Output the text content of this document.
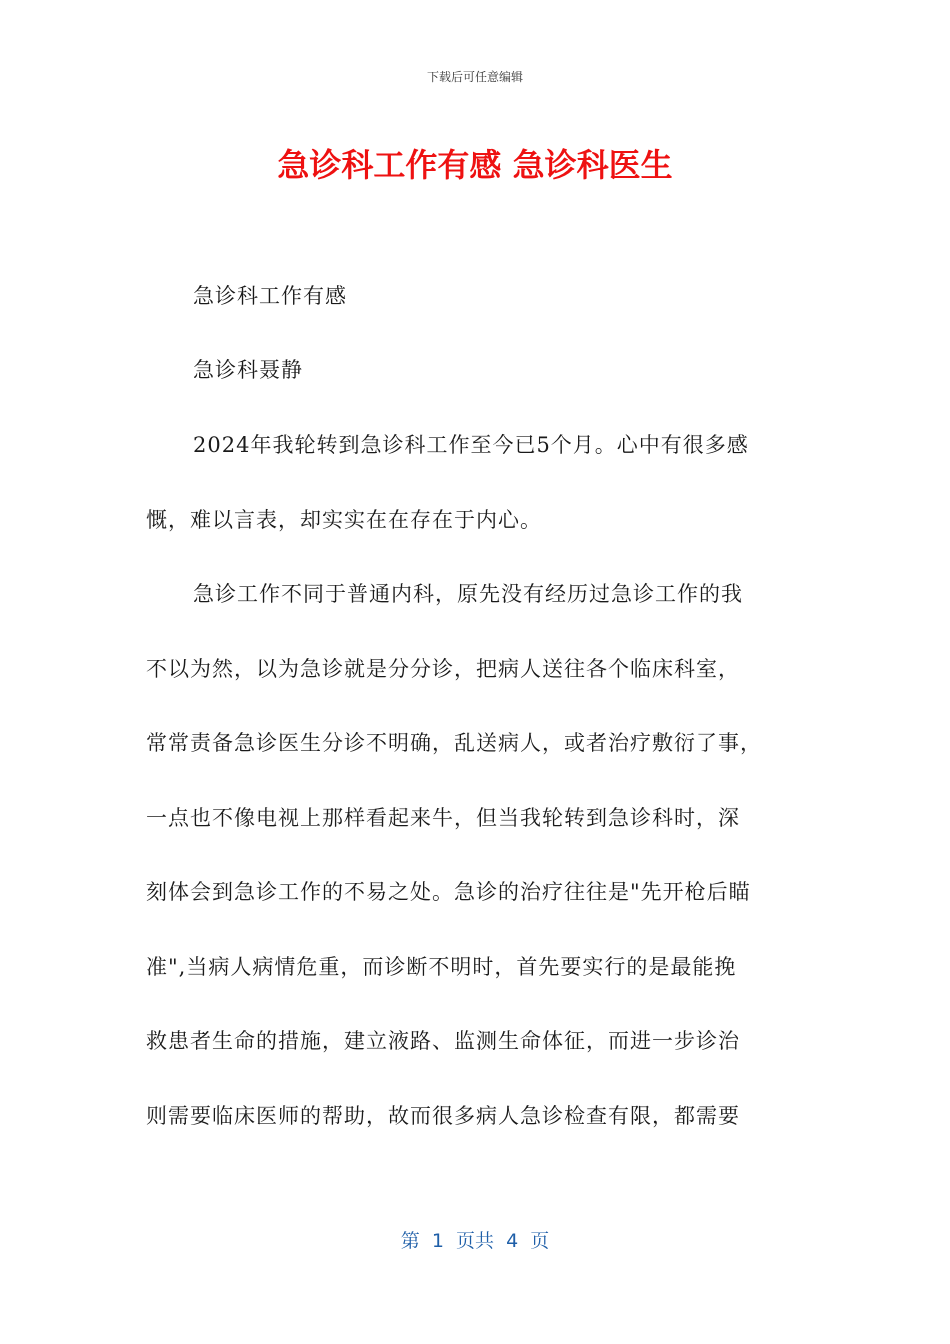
下载后可任意编辑
急诊科工作有感 急诊科医生
急诊科工作有感
急诊科聂静
2024年我轮转到急诊科工作至今已5个月。心中有很多感
慨，难以言表，却实实在在存在于内心。
急诊工作不同于普通内科，原先没有经历过急诊工作的我
不以为然，以为急诊就是分分诊，把病人送往各个临床科室，
常常责备急诊医生分诊不明确，乱送病人，或者治疗敷衍了事，
一点也不像电视上那样看起来牛，但当我轮转到急诊科时，深
刻体会到急诊工作的不易之处。急诊的治疗往往是"先开枪后瞄
准",当病人病情危重，而诊断不明时，首先要实行的是最能挽
救患者生命的措施，建立液路、监测生命体征，而进一步诊治
则需要临床医师的帮助，故而很多病人急诊检查有限，都需要
第  1  页共  4  页
